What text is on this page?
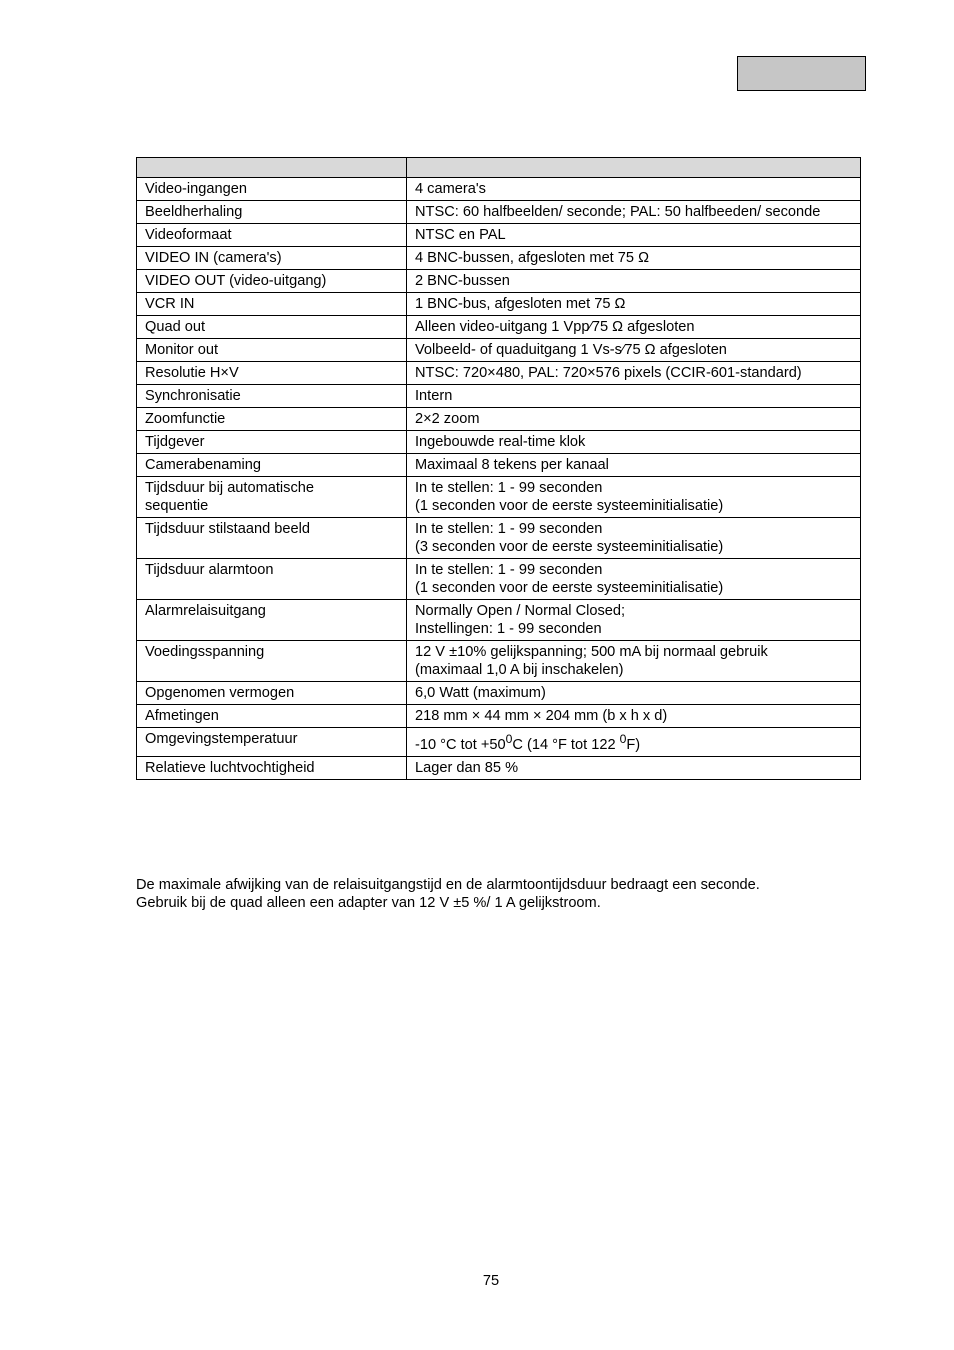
Video-ingangen	4 camera's
Beeldherhaling	NTSC: 60 halfbeelden/ seconde; PAL: 50 halfbeeden/ seconde
Videoformaat	NTSC en PAL
VIDEO IN (camera's)	4 BNC-bussen, afgesloten met 75 Ω
VIDEO OUT (video-uitgang)	2 BNC-bussen
VCR IN	1 BNC-bus, afgesloten met 75 Ω
Quad out	Alleen video-uitgang 1 Vpp⁄75 Ω afgesloten
Monitor out	Volbeeld- of quaduitgang 1 Vs-s⁄75 Ω afgesloten
Resolutie H×V	NTSC: 720×480, PAL: 720×576 pixels (CCIR-601-standard)
Synchronisatie	Intern
Zoomfunctie	2×2 zoom
Tijdgever	Ingebouwde real-time klok
Camerabenaming	Maximaal 8 tekens per kanaal
Tijdsduur bij automatische
sequentie	In te stellen: 1 - 99 seconden
(1 seconden voor de eerste systeeminitialisatie)
Tijdsduur stilstaand beeld	In te stellen: 1 - 99 seconden
(3 seconden voor de eerste systeeminitialisatie)
Tijdsduur alarmtoon	In te stellen: 1 - 99 seconden
(1 seconden voor de eerste systeeminitialisatie)
Alarmrelaisuitgang	Normally Open / Normal Closed;
Instellingen: 1 - 99 seconden
Voedingsspanning	12 V ±10% gelijkspanning; 500 mA bij normaal gebruik
(maximaal 1,0 A bij inschakelen)
Opgenomen vermogen	6,0 Watt (maximum)
Afmetingen	218 mm × 44 mm × 204 mm (b x h x d)
Omgevingstemperatuur	-10 °C tot $+50^0C$ (14 °F tot 122 $^0$F)
Relatieve luchtvochtigheid	Lager dan 85 %

De maximale afwijking van de relaisuitgangstijd en de alarmtoontijdsduur bedraagt een seconde.

Gebruik bij de quad alleen een adapter van 12 V ±5 %/ 1 A gelijkstroom.

75
